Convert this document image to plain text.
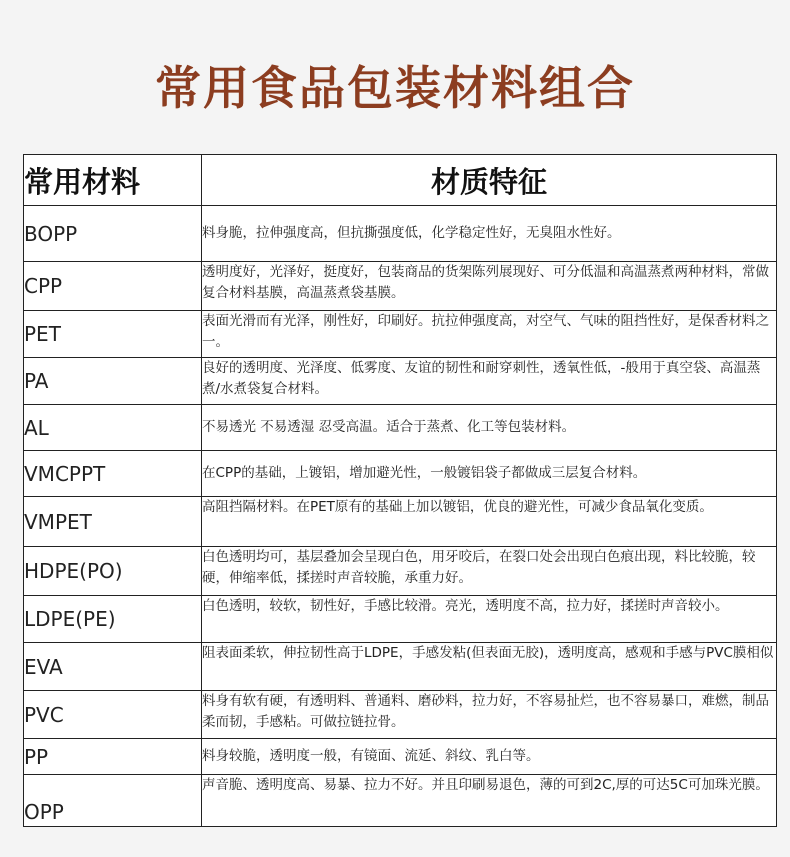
常用食品包装材料组合
常用材料	材质特征
BOPP	料身脆，拉伸强度高，但抗撕强度低，化学稳定性好，无臭阻水性好。
CPP	透明度好，光泽好，挺度好，包装商品的货架陈列展现好、可分低温和高温蒸煮两种材料，常做复合材料基膜，高温蒸煮袋基膜。
PET	表面光滑而有光泽，刚性好，印刷好。抗拉伸强度高，对空气、气味的阻挡性好，是保香材料之一。
PA	良好的透明度、光泽度、低雾度、友谊的韧性和耐穿刺性，透氧性低，-般用于真空袋、高温蒸煮/水煮袋复合材料。
AL	不易透光 不易透湿 忍受高温。适合于蒸煮、化工等包装材料。
VMCPPT	在CPP的基础，上镀铝，增加避光性，一般镀铝袋子都做成三层复合材料。
VMPET	高阻挡隔材料。在PET原有的基础上加以镀铝，优良的避光性，可减少食品氧化变质。
HDPE(PO)	白色透明均可，基层叠加会呈现白色，用牙咬后，在裂口处会出现白色痕出现，料比较脆，较硬，伸缩率低，揉搓时声音较脆，承重力好。
LDPE(PE)	白色透明，较软，韧性好，手感比较滑。亮光，透明度不高，拉力好，揉搓时声音较小。
EVA	阻表面柔软，伸拉韧性高于LDPE，手感发粘(但表面无胶)，透明度高，感观和手感与PVC膜相似
PVC	料身有软有硬，有透明料、普通料、磨砂料，拉力好，不容易扯烂，也不容易暴口，难燃，制品柔而韧，手感粘。可做拉链拉骨。
PP	料身较脆，透明度一般，有镜面、流延、斜纹、乳白等。
OPP	声音脆、透明度高、易暴、拉力不好。并且印刷易退色，薄的可到2C,厚的可达5C可加珠光膜。
